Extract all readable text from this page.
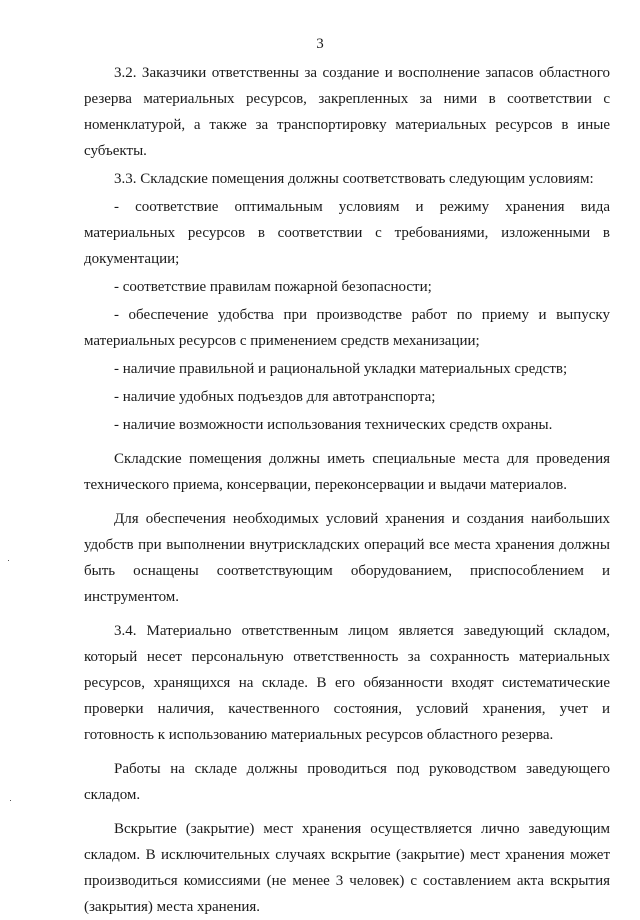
3

3.2. Заказчики ответственны за создание и восполнение запасов областного резерва материальных ресурсов, закрепленных за ними в соответствии с номенклатурой, а также за транспортировку материальных ресурсов в иные субъекты.

3.3. Складские помещения должны соответствовать следующим условиям:

- соответствие оптимальным условиям и режиму хранения вида материальных ресурсов в соответствии с требованиями, изложенными в документации;

- соответствие правилам пожарной безопасности;

- обеспечение удобства при производстве работ по приему и выпуску материальных ресурсов с применением средств механизации;

- наличие правильной и рациональной укладки материальных средств;

- наличие удобных подъездов для автотранспорта;

- наличие возможности использования технических средств охраны.

Складские помещения должны иметь специальные места для проведения технического приема, консервации, переконсервации и выдачи материалов.

Для обеспечения необходимых условий хранения и создания наибольших удобств при выполнении внутрискладских операций все места хранения должны быть оснащены соответствующим оборудованием, приспособлением и инструментом.

3.4. Материально ответственным лицом является заведующий складом, который несет персональную ответственность за сохранность материальных ресурсов, хранящихся на складе. В его обязанности входят систематические проверки наличия, качественного состояния, условий хранения, учет и готовность к использованию материальных ресурсов областного резерва.

Работы на складе должны проводиться под руководством заведующего складом.

Вскрытие (закрытие) мест хранения осуществляется лично заведующим складом. В исключительных случаях вскрытие (закрытие) мест хранения может производиться комиссиями (не менее 3 человек) с составлением акта вскрытия (закрытия) места хранения.
